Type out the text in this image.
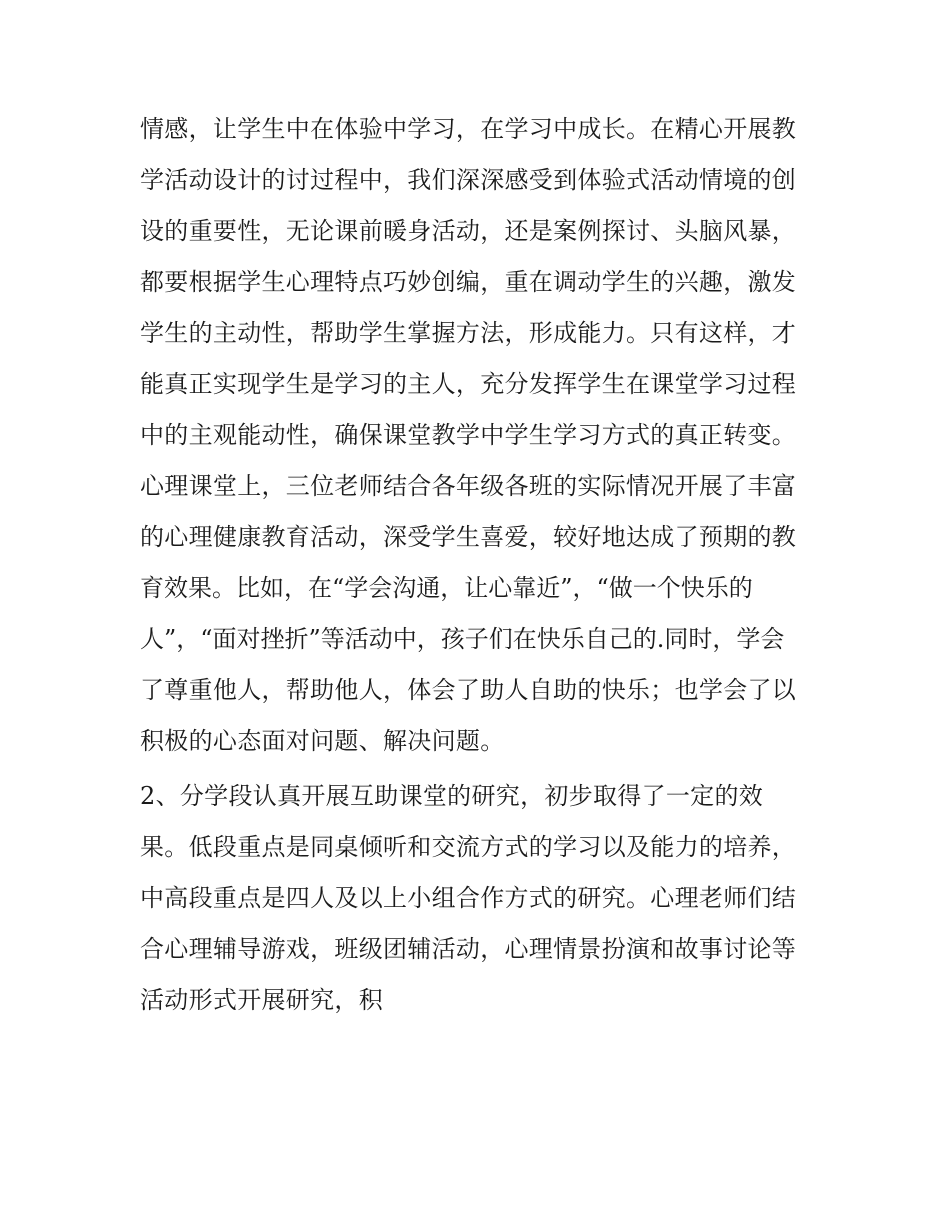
情感，让学生中在体验中学习，在学习中成长。在精心开展教
学活动设计的讨过程中，我们深深感受到体验式活动情境的创
设的重要性，无论课前暖身活动，还是案例探讨、头脑风暴，
都要根据学生心理特点巧妙创编，重在调动学生的兴趣，激发
学生的主动性，帮助学生掌握方法，形成能力。只有这样，才
能真正实现学生是学习的主人，充分发挥学生在课堂学习过程
中的主观能动性，确保课堂教学中学生学习方式的真正转变。
心理课堂上，三位老师结合各年级各班的实际情况开展了丰富
的心理健康教育活动，深受学生喜爱，较好地达成了预期的教
育效果。比如，在“学会沟通，让心靠近”，“做一个快乐的
人”，“面对挫折”等活动中，孩子们在快乐自己的.同时，学会
了尊重他人，帮助他人，体会了助人自助的快乐；也学会了以
积极的心态面对问题、解决问题。
2、分学段认真开展互助课堂的研究，初步取得了一定的效
果。低段重点是同桌倾听和交流方式的学习以及能力的培养，
中高段重点是四人及以上小组合作方式的研究。心理老师们结
合心理辅导游戏，班级团辅活动，心理情景扮演和故事讨论等
活动形式开展研究，积
